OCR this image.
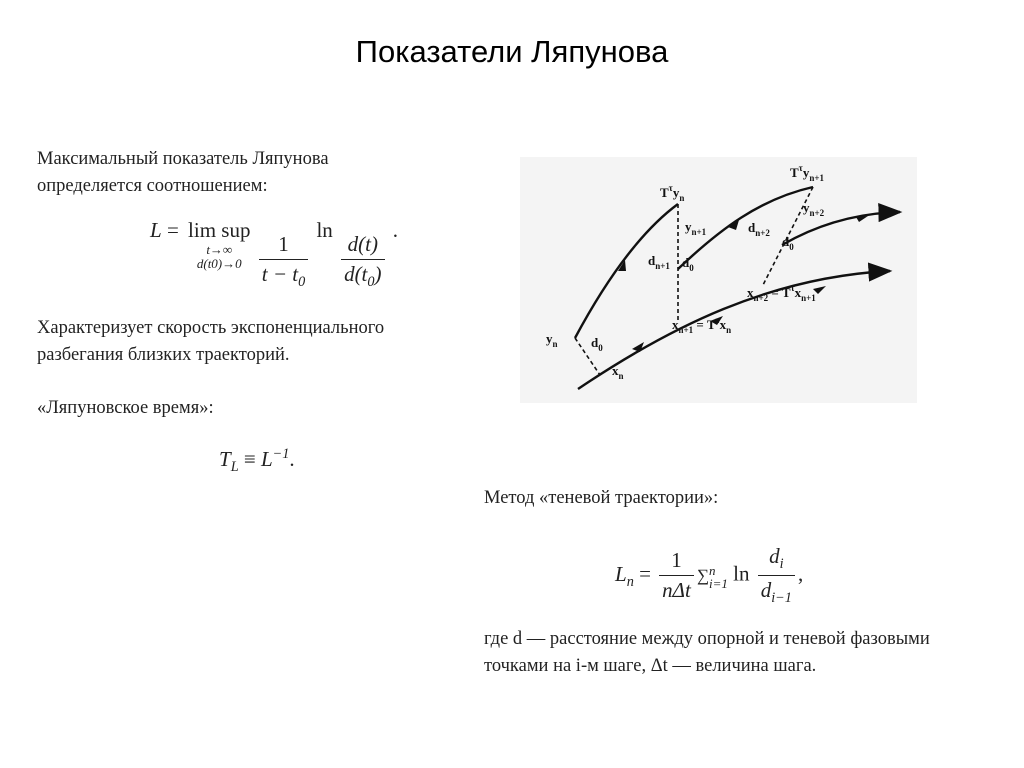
Показатели Ляпунова
Максимальный показатель Ляпунова
определяется соотношением:
L = lim sup
t→∞
d(t0)→0
$\frac{1}{t - t_0}$
ln
$\frac{d(t)}{d(t_0)}$
.
Характеризует скорость экспоненциального
разбегания близких траекторий.
«Ляпуновское время»:
$T_L \equiv L^{-1}$.
$y_n$	$d_0$
$x_n$
$T^\tau y_n$
$y_{n+1}$
$d_{n+1}$ $d_0$
$x_{n+1} = T^\tau x_n$
$T^\tau y_{n+1}$
$y_{n+2}$
$d_{n+2}$
$d_0$
$x_{n+2} = T^\tau x_{n+1}$
Метод «теневой траектории»:
$L_n = \frac{1}{\text{nΔt}}$ ∑ n
i=1 $\ln \frac{d_i}{d_{i-1}}$ ,
где d — расстояние между опорной и теневой фазовыми
точками на i-м шаге, Δt — величина шага.
